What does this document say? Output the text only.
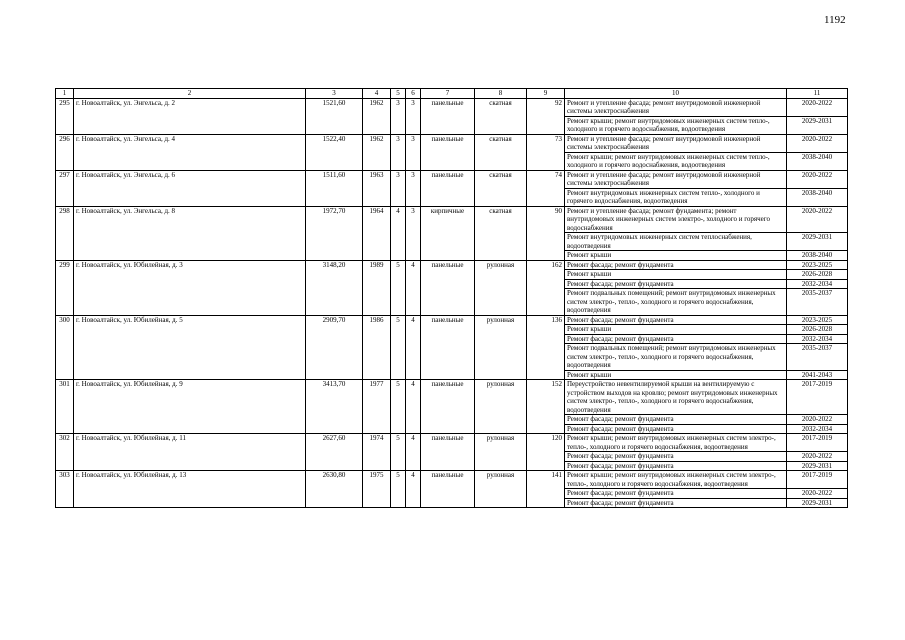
1192
1	2	3	4	5	6	7	8	9	10	11
295	г. Новоалтайск, ул. Энгельса, д. 2	1521,60	1962	3	3	панельные	скатная	92	Ремонт и утепление фасада; ремонт внутридомовой инженерной системы электроснабжения	2020-2022
									Ремонт крыши; ремонт внутридомовых инженерных систем тепло-, холодного и горячего водоснабжения, водоотведения	2029-2031
296	г. Новоалтайск, ул. Энгельса, д. 4	1522,40	1962	3	3	панельные	скатная	73	Ремонт и утепление фасада; ремонт внутридомовой инженерной системы электроснабжения	2020-2022
									Ремонт крыши; ремонт внутридомовых инженерных систем тепло-, холодного и горячего водоснабжения, водоотведения	2038-2040
297	г. Новоалтайск, ул. Энгельса, д. 6	1511,60	1963	3	3	панельные	скатная	74	Ремонт и утепление фасада; ремонт внутридомовой инженерной системы электроснабжения	2020-2022
									Ремонт внутридомовых инженерных систем тепло-, холодного и горячего водоснабжения, водоотведения	2038-2040
298	г. Новоалтайск, ул. Энгельса, д. 8	1972,70	1964	4	3	кирпичные	скатная	90	Ремонт и утепление фасада; ремонт фундамента; ремонт внутридомовых инженерных систем электро-, холодного и горячего водоснабжения	2020-2022
									Ремонт внутридомовых инженерных систем теплоснабжения, водоотведения	2029-2031
									Ремонт крыши	2038-2040
299	г. Новоалтайск, ул. Юбилейная, д. 3	3148,20	1989	5	4	панельные	рулонная	162	Ремонт фасада; ремонт фундамента	2023-2025
									Ремонт крыши	2026-2028
									Ремонт фасада; ремонт фундамента	2032-2034
									Ремонт подвальных помещений; ремонт внутридомовых инженерных систем электро-, тепло-, холодного и горячего водоснабжения, водоотведения	2035-2037
300	г. Новоалтайск, ул. Юбилейная, д. 5	2909,70	1986	5	4	панельные	рулонная	136	Ремонт фасада; ремонт фундамента	2023-2025
									Ремонт крыши	2026-2028
									Ремонт фасада; ремонт фундамента	2032-2034
									Ремонт подвальных помещений; ремонт внутридомовых инженерных систем электро-, тепло-, холодного и горячего водоснабжения, водоотведения	2035-2037
									Ремонт крыши	2041-2043
301	г. Новоалтайск, ул. Юбилейная, д. 9	3413,70	1977	5	4	панельные	рулонная	152	Переустройство невентилируемой крыши на вентилируемую с устройством выходов на кровлю; ремонт внутридомовых инженерных систем электро-, тепло-, холодного и горячего водоснабжения, водоотведения	2017-2019
									Ремонт фасада; ремонт фундамента	2020-2022
									Ремонт фасада; ремонт фундамента	2032-2034
302	г. Новоалтайск, ул. Юбилейная, д. 11	2627,60	1974	5	4	панельные	рулонная	120	Ремонт крыши; ремонт внутридомовых инженерных систем электро-, тепло-, холодного и горячего водоснабжения, водоотведения	2017-2019
									Ремонт фасада; ремонт фундамента	2020-2022
									Ремонт фасада; ремонт фундамента	2029-2031
303	г. Новоалтайск, ул. Юбилейная, д. 13	2630,80	1975	5	4	панельные	рулонная	141	Ремонт крыши; ремонт внутридомовых инженерных систем электро-, тепло-, холодного и горячего водоснабжения, водоотведения	2017-2019
									Ремонт фасада; ремонт фундамента	2020-2022
									Ремонт фасада; ремонт фундамента	2029-2031
